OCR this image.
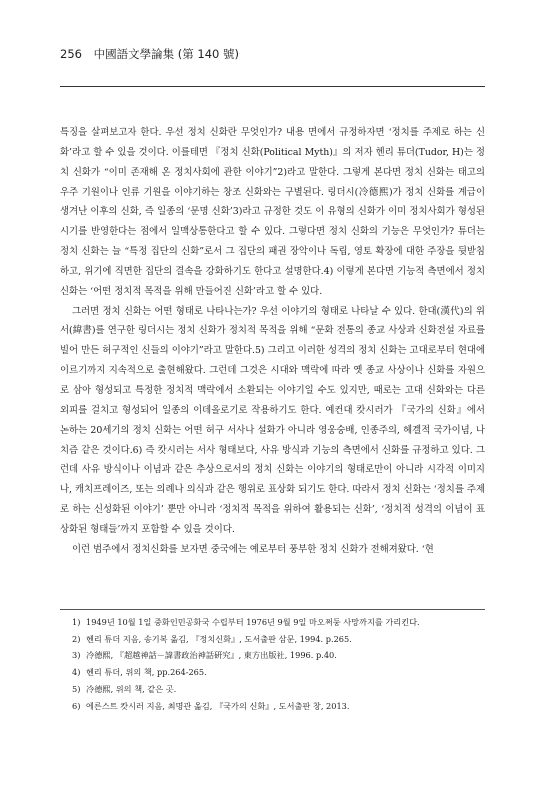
256 中國語文學論集 (第 140 號)

특징을 살펴보고자 한다. 우선 정치 신화란 무엇인가? 내용 면에서 규정하자면 ‘정치를 주제로 하는 신화’라고 할 수 있을 것이다. 이를테면 『정치 신화(Political Myth)』의 저자 헨리 튜더(Tudor, H)는 정치 신화가 “이미 존재해 온 정치사회에 관한 이야기”2)라고 말한다. 그렇게 본다면 정치 신화는 태고의 우주 기원이나 인류 기원을 이야기하는 창조 신화와는 구별된다. 링더시(冷德熙)가 정치 신화를 계급이 생겨난 이후의 신화, 즉 일종의 ‘문명 신화’3)라고 규정한 것도 이 유형의 신화가 이미 정치사회가 형성된 시기를 반영한다는 점에서 일맥상통한다고 할 수 있다. 그렇다면 정치 신화의 기능은 무엇인가? 튜더는 정치 신화는 늘 “특정 집단의 신화”로서 그 집단의 패권 장악이나 독립, 영토 확장에 대한 주장을 뒷받침하고, 위기에 직면한 집단의 결속을 강화하기도 한다고 설명한다.4) 이렇게 본다면 기능적 측면에서 정치 신화는 ‘어떤 정치적 목적을 위해 만들어진 신화’라고 할 수 있다.

그러면 정치 신화는 어떤 형태로 나타나는가? 우선 이야기의 형태로 나타날 수 있다. 한대(漢代)의 위서(緯書)를 연구한 링더시는 정치 신화가 정치적 목적을 위해 “문화 전통의 종교 사상과 신화전설 자료를 빌어 만든 허구적인 신들의 이야기”라고 말한다.5) 그리고 이러한 성격의 정치 신화는 고대로부터 현대에 이르기까지 지속적으로 출현해왔다. 그런데 그것은 시대와 맥락에 따라 옛 종교 사상이나 신화를 자원으로 삼아 형성되고 특정한 정치적 맥락에서 소환되는 이야기일 수도 있지만, 때로는 고대 신화와는 다른 외피를 걸치고 형성되어 일종의 이데올로기로 작용하기도 한다. 예컨대 캇시러가 『국가의 신화』에서 논하는 20세기의 정치 신화는 어떤 허구 서사나 설화가 아니라 영웅숭배, 인종주의, 헤겔적 국가이념, 나치즘 같은 것이다.6) 즉 캇시러는 서사 형태보다, 사유 방식과 기능의 측면에서 신화를 규정하고 있다. 그런데 사유 방식이나 이념과 같은 추상으로서의 정치 신화는 이야기의 형태로만이 아니라 시각적 이미지나, 캐치프레이즈, 또는 의례나 의식과 같은 행위로 표상화 되기도 한다. 따라서 정치 신화는 ‘정치를 주제로 하는 신성화된 이야기’ 뿐만 아니라 ‘정치적 목적을 위하여 활용되는 신화’, ‘정치적 성격의 이념이 표상화된 형태들’까지 포함할 수 있을 것이다.

이런 범주에서 정치신화를 보자면 중국에는 예로부터 풍부한 정치 신화가 전해져왔다. ‘현

1) 1949년 10월 1일 중화인민공화국 수립부터 1976년 9월 9일 마오쩌둥 사망까지를 가리킨다.
2) 헨리 튜더 지음, 송기복 옮김, 『정치신화』, 도서출판 삼문, 1994. p.265.
3) 冷德熙, 『超越神話－諱書政治神話硏究』, 東方出版社, 1996. p.40.
4) 헨리 튜더, 위의 책, pp.264-265.
5) 冷德熙, 위의 책, 같은 곳.
6) 에른스트 캇시러 지음, 최명관 옮김, 『국가의 신화』, 도서출판 창, 2013.
